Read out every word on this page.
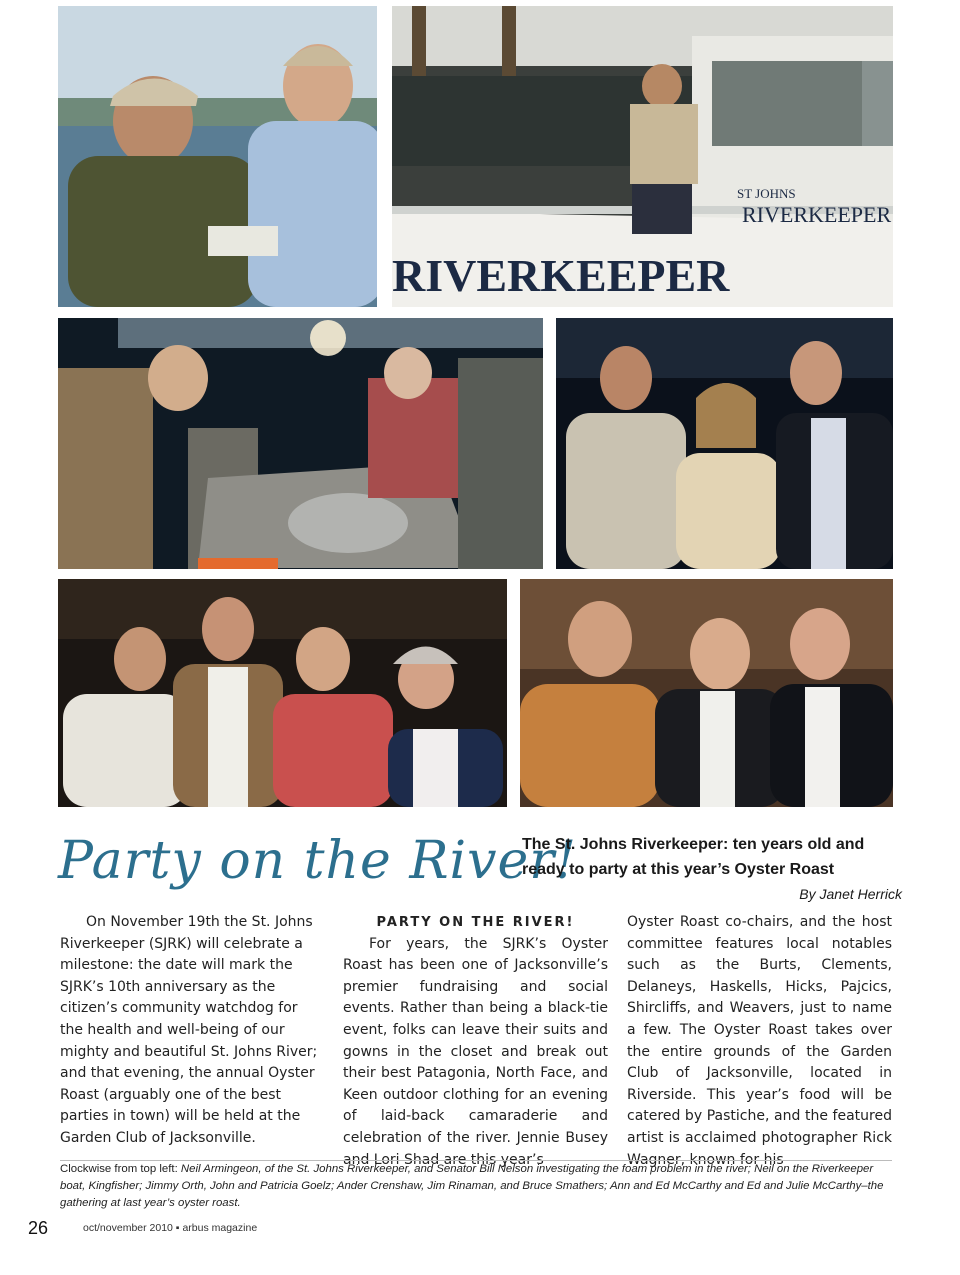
ST JOHNS
RIVERKEEPER
RIVERKEEPER
Party on the River!
The St. Johns Riverkeeper: ten years old and ready to party at this year’s Oyster Roast
By Janet Herrick
On November 19th the St. Johns Riverkeeper (SJRK) will celebrate a milestone: the date will mark the SJRK’s 10th anniversary as the citizen’s community watchdog for the health and well-being of our mighty and beautiful St. Johns River; and that evening, the annual Oyster Roast (arguably one of the best parties in town) will be held at the Garden Club of Jacksonville.
PARTY ON THE RIVER!
For years, the SJRK’s Oyster Roast has been one of Jacksonville’s premier fundraising and social events. Rather than being a black-tie event, folks can leave their suits and gowns in the closet and break out their best Patagonia, North Face, and Keen outdoor clothing for an evening of laid-back camaraderie and celebration of the river. Jennie Busey and Lori Shad are this year’s
Oyster Roast co-chairs, and the host committee features local notables such as the Burts, Clements, Delaneys, Haskells, Hicks, Pajcics, Shircliffs, and Weavers, just to name a few. The Oyster Roast takes over the entire grounds of the Garden Club of Jacksonville, located in Riverside. This year’s food will be catered by Pastiche, and the featured artist is acclaimed photographer Rick Wagner, known for his
Clockwise from top left: Neil Armingeon, of the St. Johns Riverkeeper, and Senator Bill Nelson investigating the foam problem in the river; Neil on the Riverkeeper boat, Kingfisher; Jimmy Orth, John and Patricia Goelz; Ander Crenshaw, Jim Rinaman, and Bruce Smathers; Ann and Ed McCarthy and Ed and Julie McCarthy–the gathering at last year’s oyster roast.
26	oct/november 2010 ▪ arbus magazine
